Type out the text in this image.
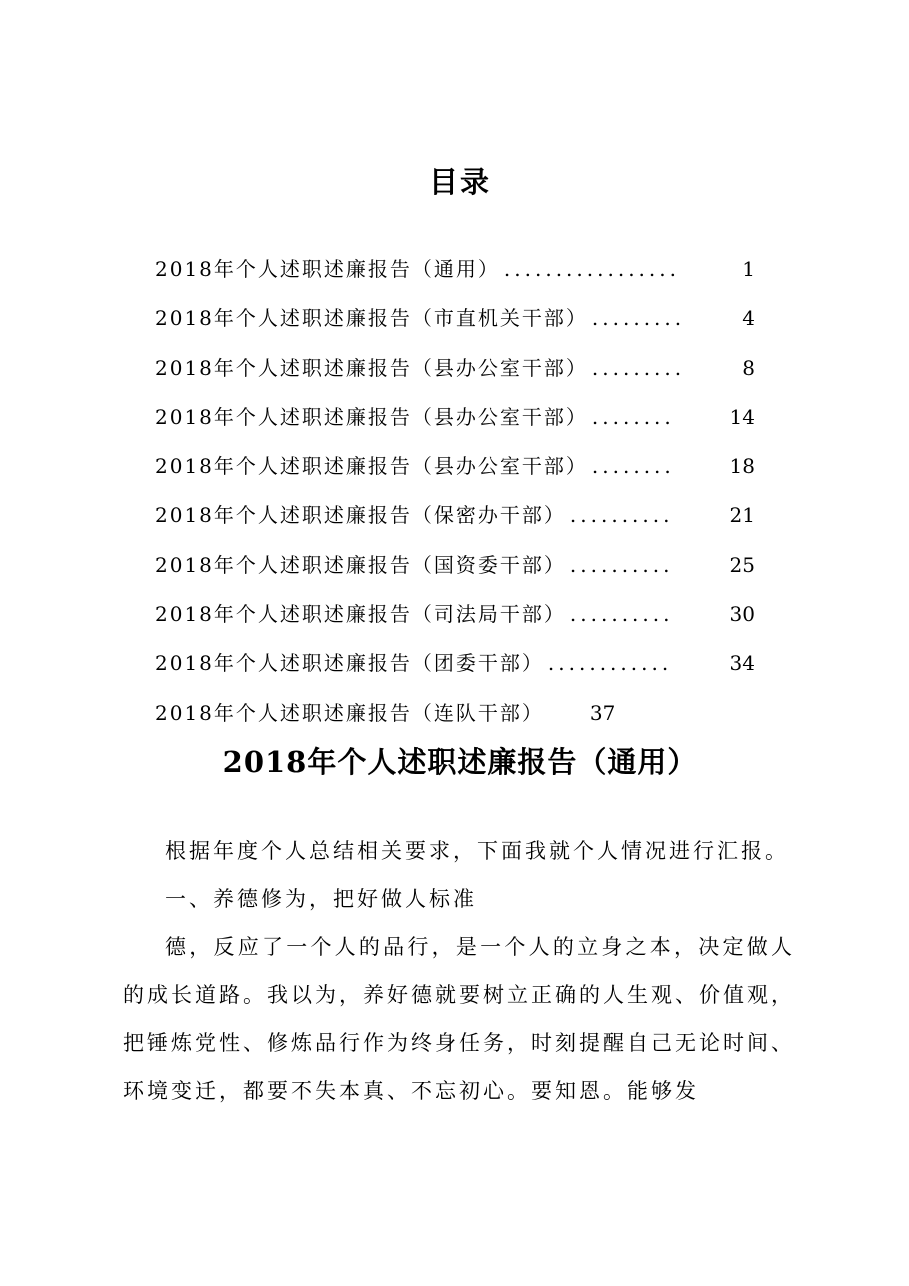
目录
2018年个人述职述廉报告（通用） .................	1
2018年个人述职述廉报告（市直机关干部） .........	4
2018年个人述职述廉报告（县办公室干部） .........	8
2018年个人述职述廉报告（县办公室干部） ........	14
2018年个人述职述廉报告（县办公室干部） ........	18
2018年个人述职述廉报告（保密办干部） ..........	21
2018年个人述职述廉报告（国资委干部） ..........	25
2018年个人述职述廉报告（司法局干部） ..........	30
2018年个人述职述廉报告（团委干部） ............	34
2018年个人述职述廉报告（连队干部） 37
2018年个人述职述廉报告（通用）

根据年度个人总结相关要求，下面我就个人情况进行汇报。

一、养德修为，把好做人标准

德，反应了一个人的品行，是一个人的立身之本，决定做人的成长道路。我以为，养好德就要树立正确的人生观、价值观，把锤炼党性、修炼品行作为终身任务，时刻提醒自己无论时间、环境变迁，都要不失本真、不忘初心。要知恩。能够发
